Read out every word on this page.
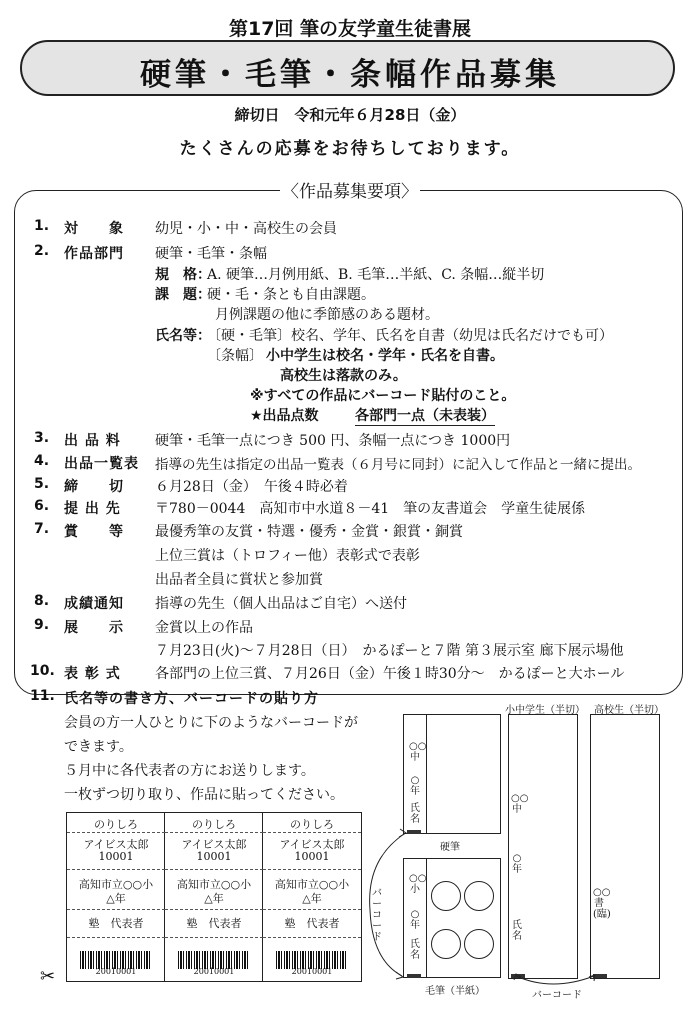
第17回 筆の友学童生徒書展
硬筆・毛筆・条幅作品募集
締切日　令和元年６月28日（金）
たくさんの応募をお待ちしております。
〈作品募集要項〉
1. 対　　象 幼児・小・中・高校生の会員
2. 作品部門 硬筆・毛筆・条幅
規　格：
A. 硬筆…月例用紙、B. 毛筆…半紙、C. 条幅…縦半切
課　題：
硬・毛・条とも自由課題。
月例課題の他に季節感のある題材。
氏名等：
〔硬・毛筆〕校名、学年、氏名を自書（幼児は氏名だけでも可）
〔条幅〕 小中学生は校名・学年・氏名を自書。
高校生は落款のみ。
※すべての作品にバーコード貼付のこと。
★出品点数	各部門一点（未表装）
3. 出 品 料 硬筆・毛筆一点につき 500 円、条幅一点につき 1000円
4. 出品一覧表 指導の先生は指定の出品一覧表（６月号に同封）に記入して作品と一緒に提出。
5. 締　　切 ６月28日（金）　午後４時必着
6. 提 出 先 〒780－0044　高知市中水道８－41　筆の友書道会　学童生徒展係
7. 賞　　等 最優秀筆の友賞・特選・優秀・金賞・銀賞・銅賞
上位三賞は（トロフィー他）表彰式で表彰
出品者全員に賞状と参加賞
8. 成績通知 指導の先生（個人出品はご自宅）へ送付
9. 展　　示 金賞以上の作品
７月23日(火)～７月28日（日）　かるぽーと７階 第３展示室 廊下展示場他
10. 表 彰 式 各部門の上位三賞、７月26日（金）午後１時30分～　かるぽーと大ホール
11. 氏名等の書き方、バーコードの貼り方
会員の方一人ひとりに下のようなバーコードが
できます。
５月中に各代表者の方にお送りします。
一枚ずつ切り取り、作品に貼ってください。
のりしろ
アイビス太郎
10001
高知市立○○小
△年
塾　代表者
20010001
のりしろ
アイビス太郎
10001
高知市立○○小
△年
塾　代表者
20010001
のりしろ
アイビス太郎
10001
高知市立○○小
△年
塾　代表者
20010001
✂
○○中
○年
氏名
硬筆
○○小
○年
氏名
毛筆（半紙）
小中学生（半切）
○○中
○年
氏名
高校生（半切）
○○書(臨)
バーコード
バーコード
